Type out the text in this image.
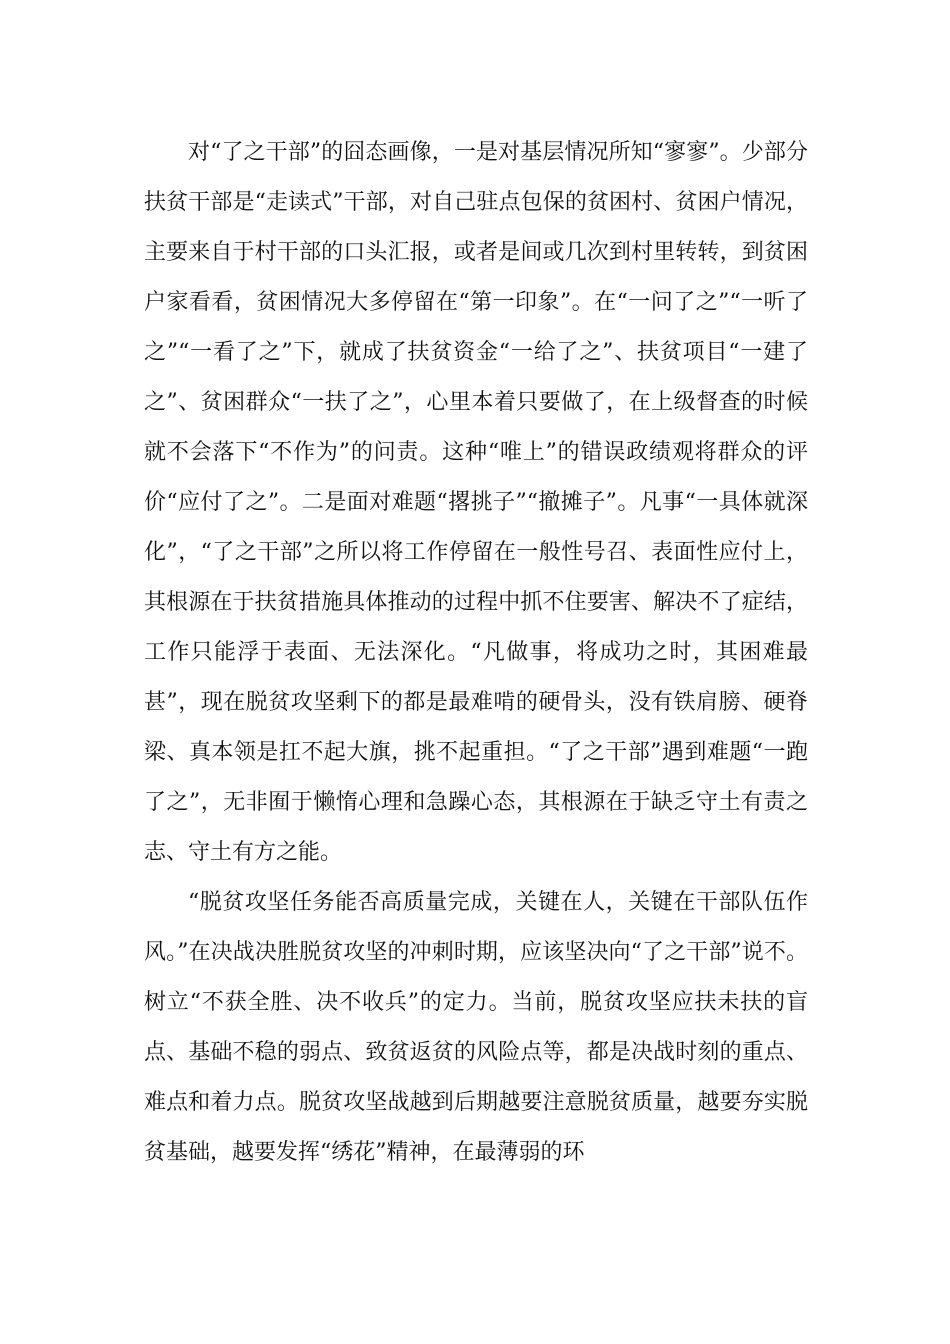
对“了之干部”的囧态画像，一是对基层情况所知“寥寥”。少部分扶贫干部是“走读式”干部，对自己驻点包保的贫困村、贫困户情况，主要来自于村干部的口头汇报，或者是间或几次到村里转转，到贫困户家看看，贫困情况大多停留在“第一印象”。在“一问了之”“一听了之”“一看了之”下，就成了扶贫资金“一给了之”、扶贫项目“一建了之”、贫困群众“一扶了之”，心里本着只要做了，在上级督查的时候就不会落下“不作为”的问责。这种“唯上”的错误政绩观将群众的评价“应付了之”。二是面对难题“撂挑子”“撤摊子”。凡事“一具体就深化”，“了之干部”之所以将工作停留在一般性号召、表面性应付上，其根源在于扶贫措施具体推动的过程中抓不住要害、解决不了症结，工作只能浮于表面、无法深化。“凡做事，将成功之时，其困难最甚”，现在脱贫攻坚剩下的都是最难啃的硬骨头，没有铁肩膀、硬脊梁、真本领是扛不起大旗，挑不起重担。“了之干部”遇到难题“一跑了之”，无非囿于懒惰心理和急躁心态，其根源在于缺乏守土有责之志、守土有方之能。

“脱贫攻坚任务能否高质量完成，关键在人，关键在干部队伍作风。”在决战决胜脱贫攻坚的冲刺时期，应该坚决向“了之干部”说不。树立“不获全胜、决不收兵”的定力。当前，脱贫攻坚应扶未扶的盲点、基础不稳的弱点、致贫返贫的风险点等，都是决战时刻的重点、难点和着力点。脱贫攻坚战越到后期越要注意脱贫质量，越要夯实脱贫基础，越要发挥“绣花”精神，在最薄弱的环
